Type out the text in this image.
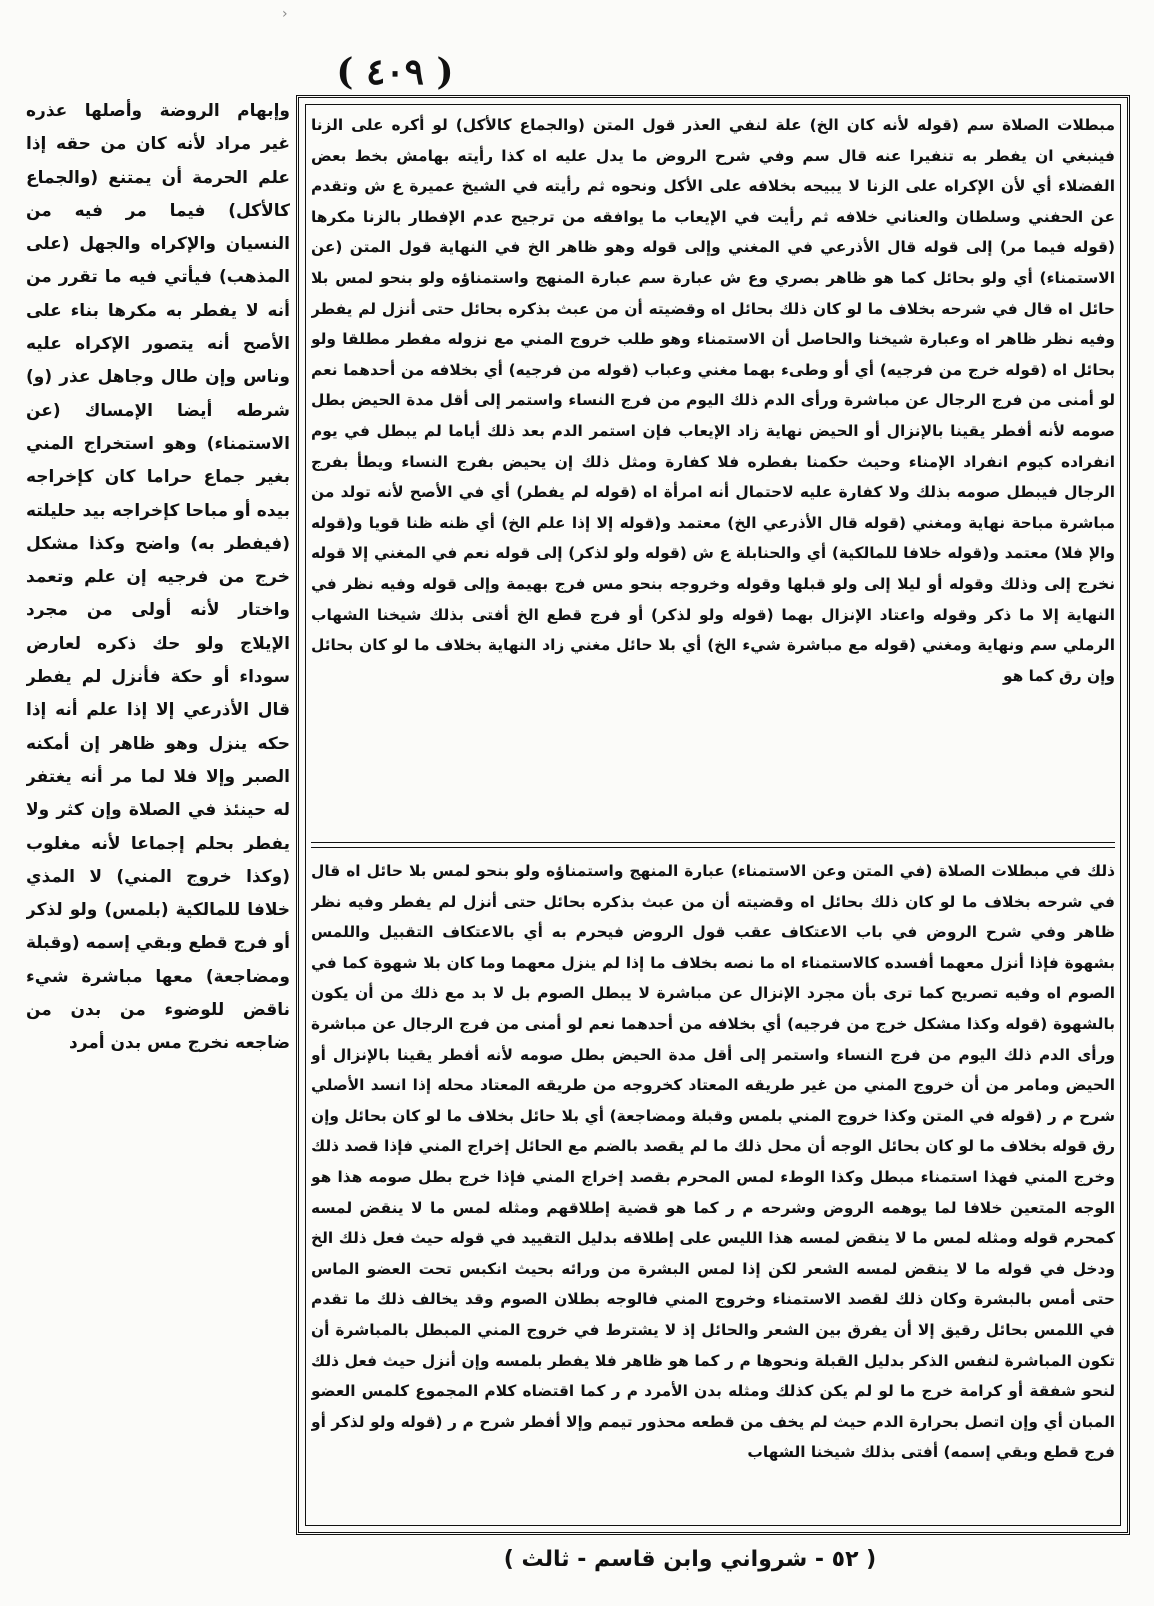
›
( ٤٠٩ )

مبطلات الصلاة سم (قوله لأنه كان الخ) علة لنفي العذر قول المتن (والجماع كالأكل) لو أكره على الزنا فينبغي ان يفطر به تنفيرا عنه قال سم وفي شرح الروض ما يدل عليه اه كذا رأيته بهامش بخط بعض الفضلاء أي لأن الإكراه على الزنا لا يبيحه بخلافه على الأكل ونحوه ثم رأيته في الشيخ عميرة ع ش وتقدم عن الحفني وسلطان والعناني خلافه ثم رأيت في الإيعاب ما يوافقه من ترجيح عدم الإفطار بالزنا مكرها (قوله فيما مر) إلى قوله قال الأذرعي في المغني وإلى قوله وهو ظاهر الخ في النهاية قول المتن (عن الاستمناء) أي ولو بحائل كما هو ظاهر بصري وع ش عبارة سم عبارة المنهج واستمناؤه ولو بنحو لمس بلا حائل اه قال في شرحه بخلاف ما لو كان ذلك بحائل اه وقضيته أن من عبث بذكره بحائل حتى أنزل لم يفطر وفيه نظر ظاهر اه وعبارة شيخنا والحاصل أن الاستمناء وهو طلب خروج المني مع نزوله مفطر مطلقا ولو بحائل اه (قوله خرج من فرجيه) أي أو وطىء بهما مغني وعباب (قوله من فرجيه) أي بخلافه من أحدهما نعم لو أمنى من فرج الرجال عن مباشرة ورأى الدم ذلك اليوم من فرج النساء واستمر إلى أقل مدة الحيض بطل صومه لأنه أفطر يقينا بالإنزال أو الحيض نهاية زاد الإيعاب فإن استمر الدم بعد ذلك أياما لم يبطل في يوم انفراده كيوم انفراد الإمناء وحيث حكمنا بفطره فلا كفارة ومثل ذلك إن يحيض بفرج النساء ويطأ بفرج الرجال فيبطل صومه بذلك ولا كفارة عليه لاحتمال أنه امرأة اه (قوله لم يفطر) أي في الأصح لأنه تولد من مباشرة مباحة نهاية ومغني (قوله قال الأذرعي الخ) معتمد و(قوله إلا إذا علم الخ) أي ظنه ظنا قويا و(قوله والإ فلا) معتمد و(قوله خلافا للمالكية) أي والحنابلة ع ش (قوله ولو لذكر) إلى قوله نعم في المغني إلا قوله نخرج إلى وذلك وقوله أو ليلا إلى ولو قبلها وقوله وخروجه بنحو مس فرج بهيمة وإلى قوله وفيه نظر في النهاية إلا ما ذكر وقوله واعتاد الإنزال بهما (قوله ولو لذكر) أو فرج قطع الخ أفتى بذلك شيخنا الشهاب الرملي سم ونهاية ومغني (قوله مع مباشرة شيء الخ) أي بلا حائل مغني زاد النهاية بخلاف ما لو كان بحائل وإن رق كما هو

ذلك في مبطلات الصلاة (في المتن وعن الاستمناء) عبارة المنهج واستمناؤه ولو بنحو لمس بلا حائل اه قال في شرحه بخلاف ما لو كان ذلك بحائل اه وقضيته أن من عبث بذكره بحائل حتى أنزل لم يفطر وفيه نظر ظاهر وفي شرح الروض في باب الاعتكاف عقب قول الروض فيحرم به أي بالاعتكاف التقبيل واللمس بشهوة فإذا أنزل معهما أفسده كالاستمناء اه ما نصه بخلاف ما إذا لم ينزل معهما وما كان بلا شهوة كما في الصوم اه وفيه تصريح كما ترى بأن مجرد الإنزال عن مباشرة لا يبطل الصوم بل لا بد مع ذلك من أن يكون بالشهوة (قوله وكذا مشكل خرج من فرجيه) أي بخلافه من أحدهما نعم لو أمنى من فرج الرجال عن مباشرة ورأى الدم ذلك اليوم من فرج النساء واستمر إلى أقل مدة الحيض بطل صومه لأنه أفطر يقينا بالإنزال أو الحيض ومامر من أن خروج المني من غير طريقه المعتاد كخروجه من طريقه المعتاد محله إذا انسد الأصلي شرح م ر (قوله في المتن وكذا خروج المني بلمس وقبلة ومضاجعة) أي بلا حائل بخلاف ما لو كان بحائل وإن رق قوله بخلاف ما لو كان بحائل الوجه أن محل ذلك ما لم يقصد بالضم مع الحائل إخراج المني فإذا قصد ذلك وخرج المني فهذا استمناء مبطل وكذا الوطء لمس المحرم بقصد إخراج المني فإذا خرج بطل صومه هذا هو الوجه المتعين خلافا لما يوهمه الروض وشرحه م ر كما هو قضية إطلاقهم ومثله لمس ما لا ينقض لمسه كمحرم قوله ومثله لمس ما لا ينقض لمسه هذا الليس على إطلاقه بدليل التقييد في قوله حيث فعل ذلك الخ ودخل في قوله ما لا ينقض لمسه الشعر لكن إذا لمس البشرة من ورائه بحيث انكبس تحت العضو الماس حتى أمس بالبشرة وكان ذلك لقصد الاستمناء وخروج المني فالوجه بطلان الصوم وقد يخالف ذلك ما تقدم في اللمس بحائل رقيق إلا أن يفرق بين الشعر والحائل إذ لا يشترط في خروج المني المبطل بالمباشرة أن تكون المباشرة لنفس الذكر بدليل القبلة ونحوها م ر كما هو ظاهر فلا يفطر بلمسه وإن أنزل حيث فعل ذلك لنحو شفقة أو كرامة خرج ما لو لم يكن كذلك ومثله بدن الأمرد م ر كما اقتضاه كلام المجموع كلمس العضو المبان أي وإن اتصل بحرارة الدم حيث لم يخف من قطعه محذور تيمم وإلا أفطر شرح م ر (قوله ولو لذكر أو فرج قطع وبقي إسمه) أفتى بذلك شيخنا الشهاب

وإبهام الروضة وأصلها عذره غير مراد لأنه كان من حقه إذا علم الحرمة أن يمتنع (والجماع كالأكل) فيما مر فيه من النسيان والإكراه والجهل (على المذهب) فيأتي فيه ما تقرر من أنه لا يفطر به مكرها بناء على الأصح أنه يتصور الإكراه عليه وناس وإن طال وجاهل عذر (و) شرطه أيضا الإمساك (عن الاستمناء) وهو استخراج المني بغير جماع حراما كان كإخراجه بيده أو مباحا كإخراجه بيد حليلته (فيفطر به) واضح وكذا مشكل خرج من فرجيه إن علم وتعمد واختار لأنه أولى من مجرد الإيلاج ولو حك ذكره لعارض سوداء أو حكة فأنزل لم يفطر قال الأذرعي إلا إذا علم أنه إذا حكه ينزل وهو ظاهر إن أمكنه الصبر وإلا فلا لما مر أنه يغتفر له حينئذ في الصلاة وإن كثر ولا يفطر بحلم إجماعا لأنه مغلوب (وكذا خروج المني) لا المذي خلافا للمالكية (بلمس) ولو لذكر أو فرج قطع وبقي إسمه (وقبلة ومضاجعة) معها مباشرة شيء ناقض للوضوء من بدن من ضاجعه نخرج مس بدن أمرد

( ٥٢ - شرواني وابن قاسم - ثالث )
